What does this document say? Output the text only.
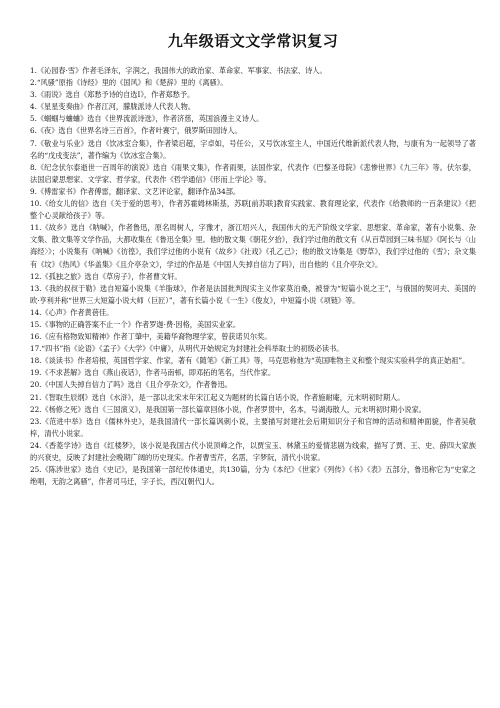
九年级语文文学常识复习
1.《沁园春·雪》作者毛泽东，字润之，我国伟大的政治家、革命家、军事家、书法家、诗人。
2.“风骚”原指《诗经》里的《国风》和《楚辞》里的《离骚》。
3.《雨说》选自《郑愁予诗的自选Ⅰ》，作者郑愁予。
4.《星星变奏曲》作者江河，朦胧派诗人代表人物。
5.《蝈蝈与蛐蛐》选自《世界流派诗选》，作者济慈，英国浪漫主义诗人。
6.《夜》选自《世界名诗三百首》，作者叶赛宁，俄罗斯田园诗人。
7.《敬业与乐业》选自《饮冰室合集》，作者梁启超，字卓如，号任公，又号饮冰室主人，中国近代维新派代表人物，与康有为一起领导了著名的“戊戌变法”，著作编为《饮冰室合集》。
8.《纪念伏尔泰逝世一百周年的演说》选自《雨果文集》，作者雨果，法国作家，代表作《巴黎圣母院》《悲惨世界》《九三年》等。伏尔泰，法国启蒙思想家、文学家、哲学家，代表作《哲学通信》《形而上学论》等。
9.《傅雷家书》作者傅雷，翻译家、文艺评论家，翻译作品34部。
10.《给女儿的信》选自《关于爱的思考》，作者苏霍姆林斯基，苏联[前苏联]教育实践家、教育理论家，代表作《给教师的一百条建议》《把整个心灵献给孩子》等。
11.《故乡》选自《呐喊》，作者鲁迅，原名周树人，字豫才，浙江绍兴人，我国伟大的无产阶级文学家、思想家、革命家，著有小说集、杂文集、散文集等文学作品，大都收集在《鲁迅全集》里。他的散文集《朝花夕拾》，我们学过他的散文有《从百草园到三味书屋》《阿长与〈山海经〉》；小说集有《呐喊》《彷徨》，我们学过他的小说有《故乡》《社戏》《孔乙己》；他的散文诗集是《野草》，我们学过他的《雪》；杂文集有《坟》《热风》《华盖集》《且介亭杂文》，学过的作品是《中国人失掉自信力了吗》，出自他的《且介亭杂文》。
12.《孤独之旅》选自《草房子》，作者曹文轩。
13.《我的叔叔于勒》选自短篇小说集《羊脂球》，作者是法国批判现实主义作家莫泊桑，被誉为“短篇小说之王”，与俄国的契诃夫、美国的欧·亨利并称“世界三大短篇小说大师（巨匠）”，著有长篇小说《一生》《俊友》，中短篇小说《项链》等。
14.《心声》作者黄蓓佳。
15.《事物的正确答案不止一个》作者罗迦·费·因格，美国实业家。
16.《应有格物致知精神》作者丁肇中，美籍华裔物理学家，曾获诺贝尔奖。
17.“四书”指《论语》《孟子》《大学》《中庸》，从明代开始规定为封建社会科举取士的初级必读书。
18.《谈读书》作者培根，英国哲学家、作家，著有《随笔》《新工具》等，马克思称他为“英国唯物主义和整个现实实验科学的真正始祖”。
19.《不求甚解》选自《燕山夜话》，作者马南邨，即邓拓的笔名，当代作家。
20.《中国人失掉自信力了吗》选自《且介亭杂文》，作者鲁迅。
21.《智取生辰纲》选自《水浒》，是一部以北宋末年宋江起义为题材的长篇白话小说，作者施耐庵，元末明初时期人。
22.《杨修之死》选自《三国演义》，是我国第一部长篇章回体小说，作者罗贯中，名本，号湖海散人，元末明初时期小说家。
23.《范进中举》选自《儒林外史》，是我国清代一部长篇讽刺小说，主要描写封建社会后期知识分子和官绅的活动和精神面貌，作者吴敬梓，清代小说家。
24.《香菱学诗》选自《红楼梦》，该小说是我国古代小说顶峰之作，以贾宝玉、林黛玉的爱情悲剧为线索，描写了贾、王、史、薛四大家族的兴衰史，反映了封建社会晚期广阔的历史现实。作者曹雪芹，名霑，字梦阮，清代小说家。
25.《陈涉世家》选自《史记》，是我国第一部纪传体通史，共130篇，分为《本纪》《世家》《列传》《书》《表》五部分，鲁迅称它为“史家之绝唱，无韵之离骚”，作者司马迁，字子长，西汉[朝代]人。
